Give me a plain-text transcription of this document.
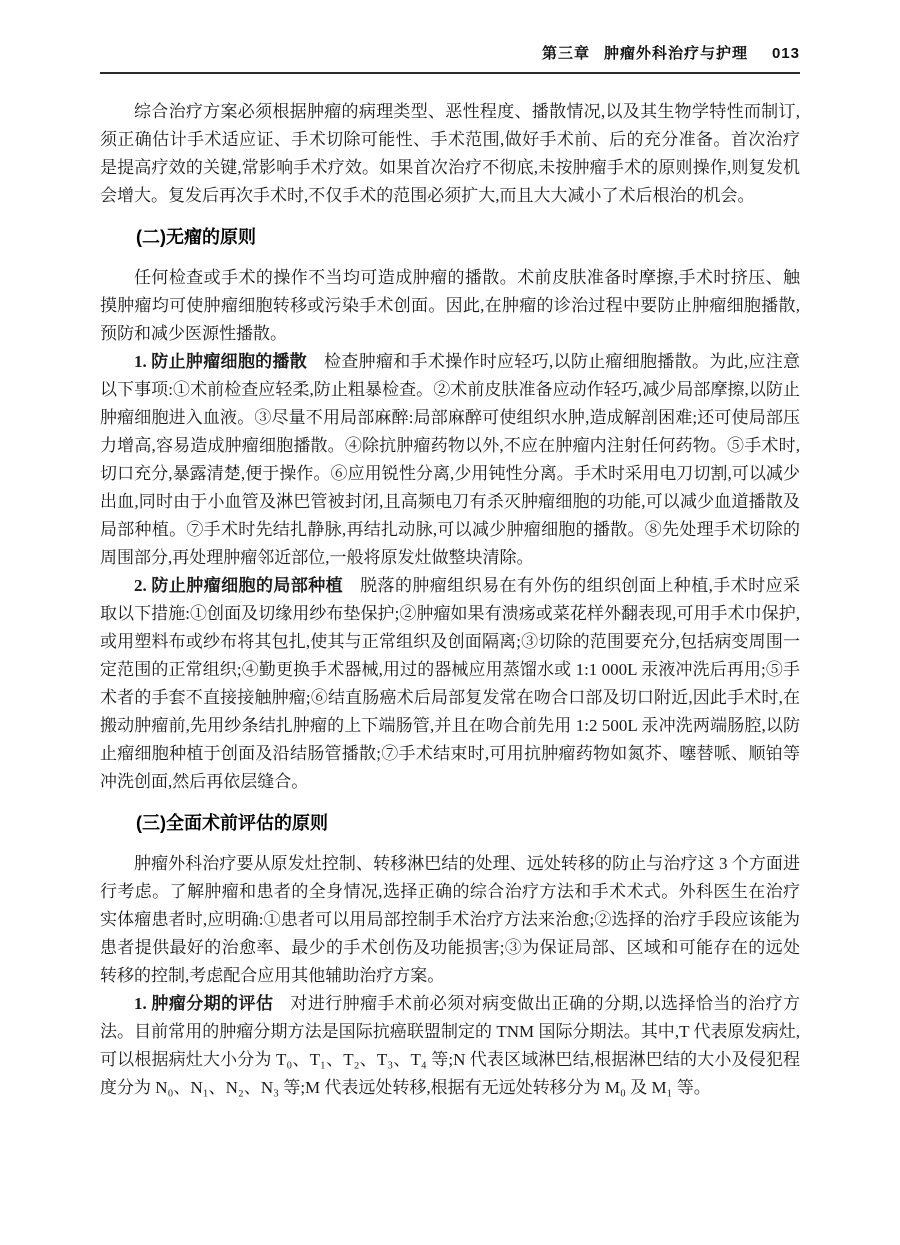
第三章 肿瘤外科治疗与护理 013

综合治疗方案必须根据肿瘤的病理类型、恶性程度、播散情况,以及其生物学特性而制订,须正确估计手术适应证、手术切除可能性、手术范围,做好手术前、后的充分准备。首次治疗是提高疗效的关键,常影响手术疗效。如果首次治疗不彻底,未按肿瘤手术的原则操作,则复发机会增大。复发后再次手术时,不仅手术的范围必须扩大,而且大大减小了术后根治的机会。

(二)无瘤的原则

任何检查或手术的操作不当均可造成肿瘤的播散。术前皮肤准备时摩擦,手术时挤压、触摸肿瘤均可使肿瘤细胞转移或污染手术创面。因此,在肿瘤的诊治过程中要防止肿瘤细胞播散,预防和减少医源性播散。

1. 防止肿瘤细胞的播散 检查肿瘤和手术操作时应轻巧,以防止瘤细胞播散。为此,应注意以下事项:①术前检查应轻柔,防止粗暴检查。②术前皮肤准备应动作轻巧,减少局部摩擦,以防止肿瘤细胞进入血液。③尽量不用局部麻醉:局部麻醉可使组织水肿,造成解剖困难;还可使局部压力增高,容易造成肿瘤细胞播散。④除抗肿瘤药物以外,不应在肿瘤内注射任何药物。⑤手术时,切口充分,暴露清楚,便于操作。⑥应用锐性分离,少用钝性分离。手术时采用电刀切割,可以减少出血,同时由于小血管及淋巴管被封闭,且高频电刀有杀灭肿瘤细胞的功能,可以减少血道播散及局部种植。⑦手术时先结扎静脉,再结扎动脉,可以减少肿瘤细胞的播散。⑧先处理手术切除的周围部分,再处理肿瘤邻近部位,一般将原发灶做整块清除。

2. 防止肿瘤细胞的局部种植 脱落的肿瘤组织易在有外伤的组织创面上种植,手术时应采取以下措施:①创面及切缘用纱布垫保护;②肿瘤如果有溃疡或菜花样外翻表现,可用手术巾保护,或用塑料布或纱布将其包扎,使其与正常组织及创面隔离;③切除的范围要充分,包括病变周围一定范围的正常组织;④勤更换手术器械,用过的器械应用蒸馏水或 1:1 000L 汞液冲洗后再用;⑤手术者的手套不直接接触肿瘤;⑥结直肠癌术后局部复发常在吻合口部及切口附近,因此手术时,在搬动肿瘤前,先用纱条结扎肿瘤的上下端肠管,并且在吻合前先用 1:2 500L 汞冲洗两端肠腔,以防止瘤细胞种植于创面及沿结肠管播散;⑦手术结束时,可用抗肿瘤药物如氮芥、噻替哌、顺铂等冲洗创面,然后再依层缝合。

(三)全面术前评估的原则

肿瘤外科治疗要从原发灶控制、转移淋巴结的处理、远处转移的防止与治疗这 3 个方面进行考虑。了解肿瘤和患者的全身情况,选择正确的综合治疗方法和手术术式。外科医生在治疗实体瘤患者时,应明确:①患者可以用局部控制手术治疗方法来治愈;②选择的治疗手段应该能为患者提供最好的治愈率、最少的手术创伤及功能损害;③为保证局部、区域和可能存在的远处转移的控制,考虑配合应用其他辅助治疗方案。

1. 肿瘤分期的评估 对进行肿瘤手术前必须对病变做出正确的分期,以选择恰当的治疗方法。目前常用的肿瘤分期方法是国际抗癌联盟制定的 TNM 国际分期法。其中,T 代表原发病灶,可以根据病灶大小分为 T₀、T₁、T₂、T₃、T₄ 等;N 代表区域淋巴结,根据淋巴结的大小及侵犯程度分为 N₀、N₁、N₂、N₃ 等;M 代表远处转移,根据有无远处转移分为 M₀ 及 M₁ 等。
